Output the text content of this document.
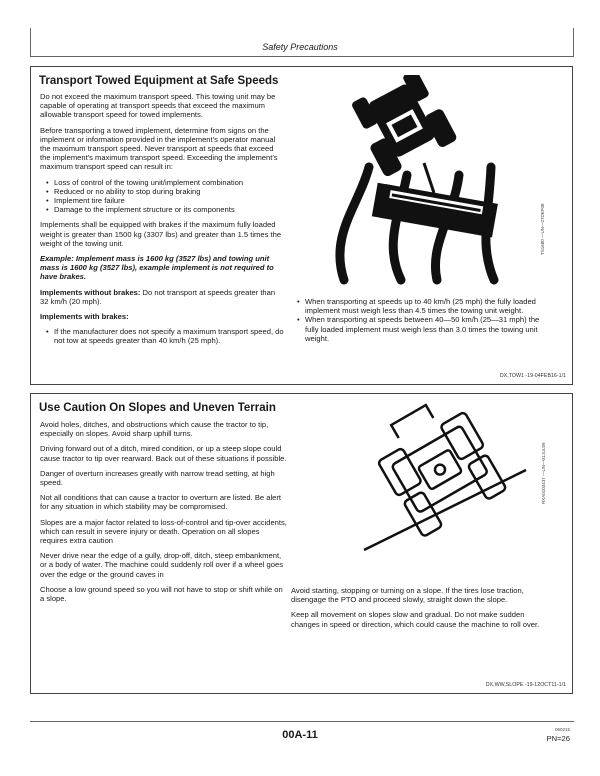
Safety Precautions
Transport Towed Equipment at Safe Speeds

Do not exceed the maximum transport speed. This towing unit may be capable of operating at transport speeds that exceed the maximum allowable transport speed for towed implements.

Before transporting a towed implement, determine from signs on the implement or information provided in the implement's operator manual the maximum transport speed. Never transport at speeds that exceed the implement's maximum transport speed. Exceeding the implement's maximum transport speed can result in:

• Loss of control of the towing unit/implement combination
• Reduced or no ability to stop during braking
• Implement tire failure
• Damage to the implement structure or its components

Implements shall be equipped with brakes if the maximum fully loaded weight is greater than 1500 kg (3307 lbs) and greater than 1.5 times the weight of the towing unit.

Example: Implement mass is 1600 kg (3527 lbs) and towing unit mass is 1600 kg (3527 lbs), example implement is not required to have brakes.

Implements without brakes: Do not transport at speeds greater than 32 km/h (20 mph).

Implements with brakes:

• If the manufacturer does not specify a maximum transport speed, do not tow at speeds greater than 40 km/h (25 mph).
TS1680 —UN—27DEF08
• When transporting at speeds up to 40 km/h (25 mph) the fully loaded implement must weigh less than 4.5 times the towing unit weight.
• When transporting at speeds between 40—50 km/h (25—31 mph) the fully loaded implement must weigh less than 3.0 times the towing unit weight.
DX,TOW1 -19-04FEB16-1/1
Use Caution On Slopes and Uneven Terrain

Avoid holes, ditches, and obstructions which cause the tractor to tip, especially on slopes. Avoid sharp uphill turns.

Driving forward out of a ditch, mired condition, or up a steep slope could cause tractor to tip over rearward. Back out of these situations if possible.

Danger of overturn increases greatly with narrow tread setting, at high speed.

Not all conditions that can cause a tractor to overturn are listed. Be alert for any situation in which stability may be compromised.

Slopes are a major factor related to loss-of-control and tip-over accidents, which can result in severe injury or death. Operation on all slopes requires extra caution

Never drive near the edge of a gully, drop-off, ditch, steep embankment, or a body of water. The machine could suddenly roll over if a wheel goes over the edge or the ground caves in

Choose a low ground speed so you will not have to stop or shift while on a slope.

RXA0103437 —UN—01JUL09

Avoid starting, stopping or turning on a slope. If the tires lose traction, disengage the PTO and proceed slowly, straight down the slope.

Keep all movement on slopes slow and gradual. Do not make sudden changes in speed or direction, which could cause the machine to roll over.

DX,WW,SLOPE -19-12OCT11-1/1
00A-11	060215
PN=26
